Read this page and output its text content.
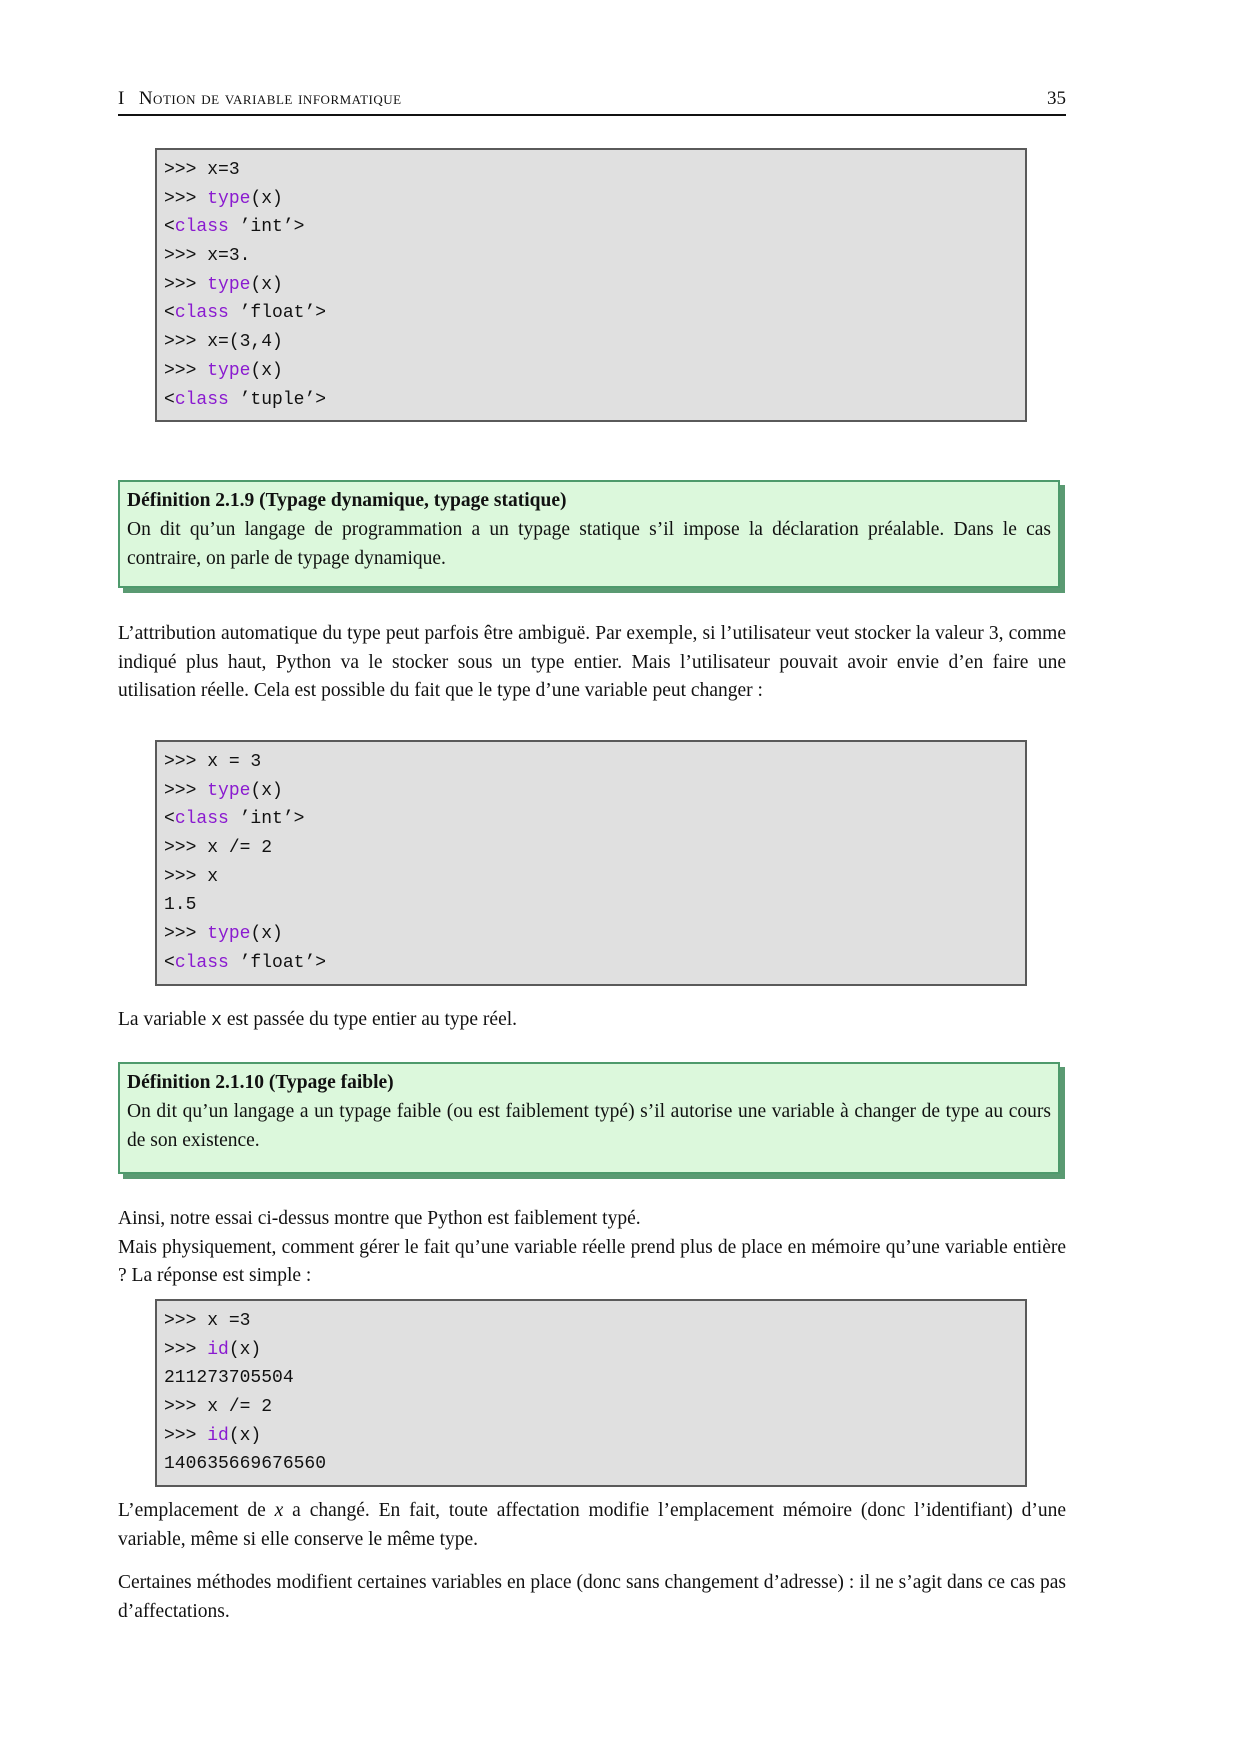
I Notion de variable informatique	35
>>> x=3
>>> type(x)
<class ’int’>
>>> x=3.
>>> type(x)
<class ’float’>
>>> x=(3,4)
>>> type(x)
<class ’tuple’>
Définition 2.1.9 (Typage dynamique, typage statique)
On dit qu’un langage de programmation a un typage statique s’il impose la déclaration préalable. Dans le cas contraire, on parle de typage dynamique.
L’attribution automatique du type peut parfois être ambiguë. Par exemple, si l’utilisateur veut stocker la valeur 3, comme indiqué plus haut, Python va le stocker sous un type entier. Mais l’utilisateur pouvait avoir envie d’en faire une utilisation réelle. Cela est possible du fait que le type d’une variable peut changer :
>>> x = 3
>>> type(x)
<class ’int’>
>>> x /= 2
>>> x
1.5
>>> type(x)
<class ’float’>
La variable x est passée du type entier au type réel.
Définition 2.1.10 (Typage faible)
On dit qu’un langage a un typage faible (ou est faiblement typé) s’il autorise une variable à changer de type au cours de son existence.
Ainsi, notre essai ci-dessus montre que Python est faiblement typé.
Mais physiquement, comment gérer le fait qu’une variable réelle prend plus de place en mémoire qu’une variable entière ? La réponse est simple :
>>> x =3
>>> id(x)
211273705504
>>> x /= 2
>>> id(x)
140635669676560
L’emplacement de x a changé. En fait, toute affectation modifie l’emplacement mémoire (donc l’identifiant) d’une variable, même si elle conserve le même type.
Certaines méthodes modifient certaines variables en place (donc sans changement d’adresse) : il ne s’agit dans ce cas pas d’affectations.
